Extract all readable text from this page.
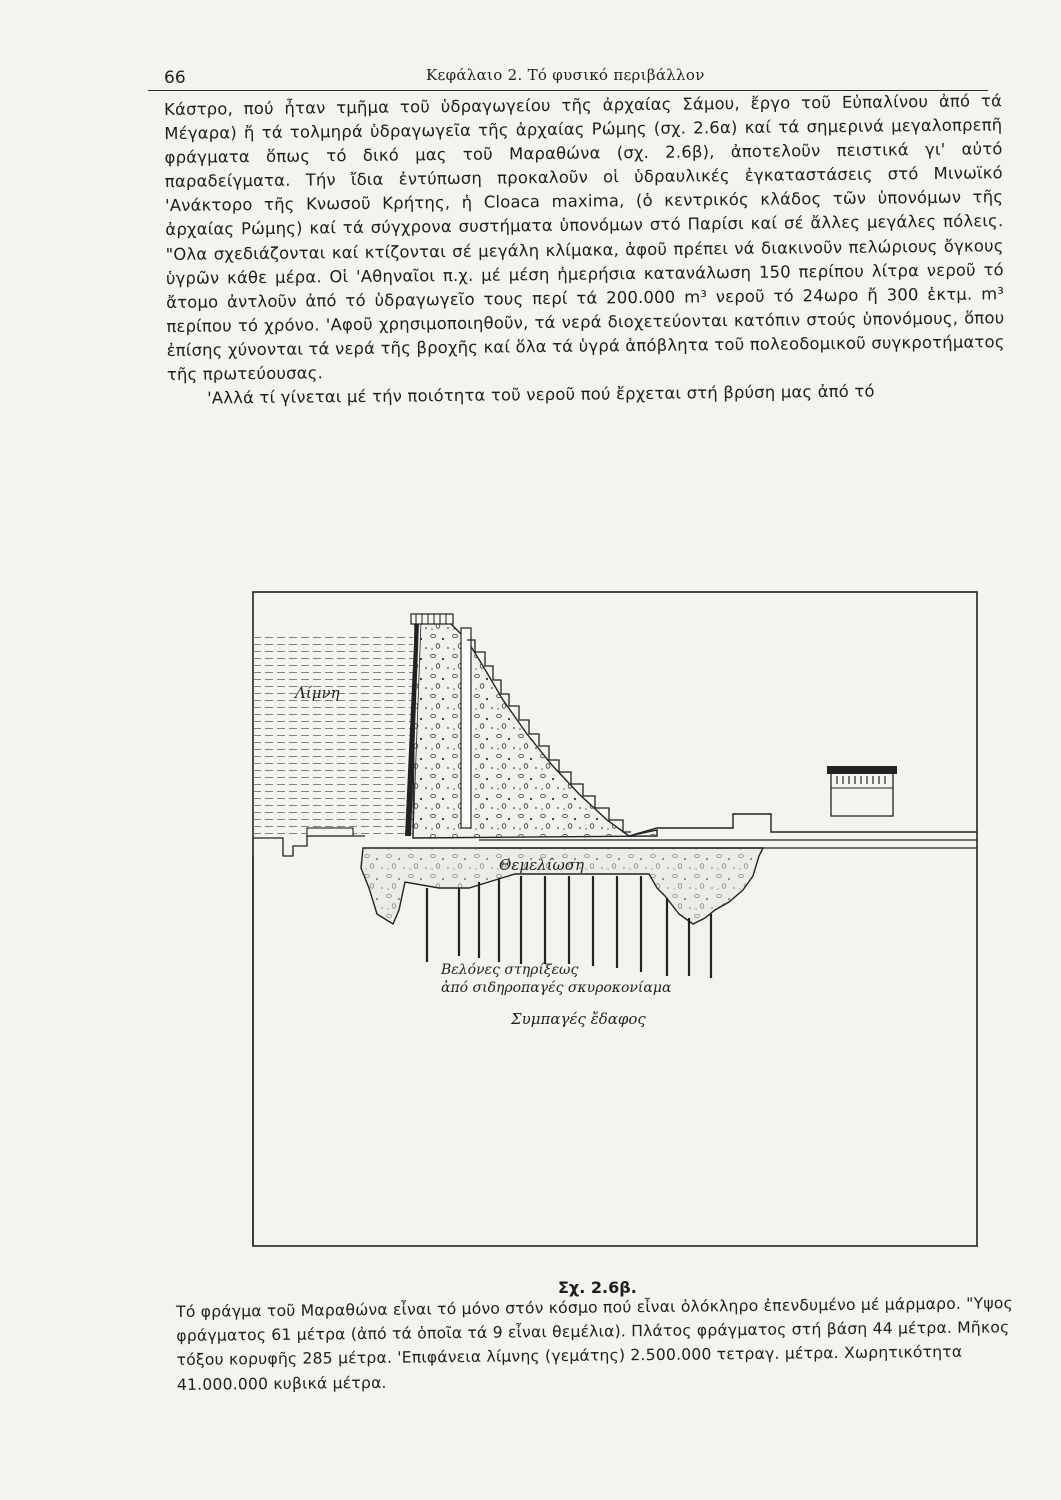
66	Κεφάλαιο 2. Τό φυσικό περιβάλλον

Κάστρο, πού ἦταν τμῆμα τοῦ ὑδραγωγείου τῆς ἀρχαίας Σάμου, ἔργο τοῦ Εὐπαλίνου ἀπό τά Μέγαρα) ἤ τά τολμηρά ὑδραγωγεῖα τῆς ἀρχαίας Ρώμης (σχ. 2.6α) καί τά σημερινά μεγαλοπρεπῆ φράγματα ὅπως τό δικό μας τοῦ Μαραθώνα (σχ. 2.6β), ἀποτελοῦν πειστικά γι' αὐτό παραδείγματα. Τήν ἴδια ἐντύπωση προκαλοῦν οἱ ὑδραυλικές ἐγκαταστάσεις στό Μινωϊκό 'Ανάκτορο τῆς Κνωσοῦ Κρήτης, ἡ Cloaca maxima, (ὁ κεντρικός κλάδος τῶν ὑπονόμων τῆς ἀρχαίας Ρώμης) καί τά σύγχρονα συστήματα ὑπονόμων στό Παρίσι καί σέ ἄλλες μεγάλες πόλεις. "Ολα σχεδιάζονται καί κτίζονται σέ μεγάλη κλίμακα, ἀφοῦ πρέπει νά διακινοῦν πελώριους ὄγκους ὑγρῶν κάθε μέρα. Οἱ 'Αθηναῖοι π.χ. μέ μέση ἡμερήσια κατανάλωση 150 περίπου λίτρα νεροῦ τό ἄτομο ἀντλοῦν ἀπό τό ὑδραγωγεῖο τους περί τά 200.000 m³ νεροῦ τό 24ωρο ἤ 300 ἑκτμ. m³ περίπου τό χρόνο. 'Αφοῦ χρησιμοποιηθοῦν, τά νερά διοχετεύονται κατόπιν στούς ὑπονόμους, ὅπου ἐπίσης χύνονται τά νερά τῆς βροχῆς καί ὅλα τά ὑγρά ἀπόβλητα τοῦ πολεοδομικοῦ συγκροτήματος τῆς πρωτεύουσας.

'Αλλά τί γίνεται μέ τήν ποιότητα τοῦ νεροῦ πού ἔρχεται στή βρύση μας ἀπό τό

Λίμνη
Θεμελίωση
Βελόνες στηρίξεως
ἀπό σιδηροπαγές σκυροκονίαμα
Συμπαγές ἔδαφος
Σχ. 2.6β.

Τό φράγμα τοῦ Μαραθώνα εἶναι τό μόνο στόν κόσμο πού εἶναι ὁλόκληρο ἐπενδυμένο μέ μάρμαρο. "Υψος φράγματος 61 μέτρα (ἀπό τά ὁποῖα τά 9 εἶναι θεμέλια). Πλάτος φράγματος στή βάση 44 μέτρα. Μῆκος τόξου κορυφῆς 285 μέτρα. 'Επιφάνεια λίμνης (γεμάτης) 2.500.000 τετραγ. μέτρα. Χωρητικότητα 41.000.000 κυβικά μέτρα.
